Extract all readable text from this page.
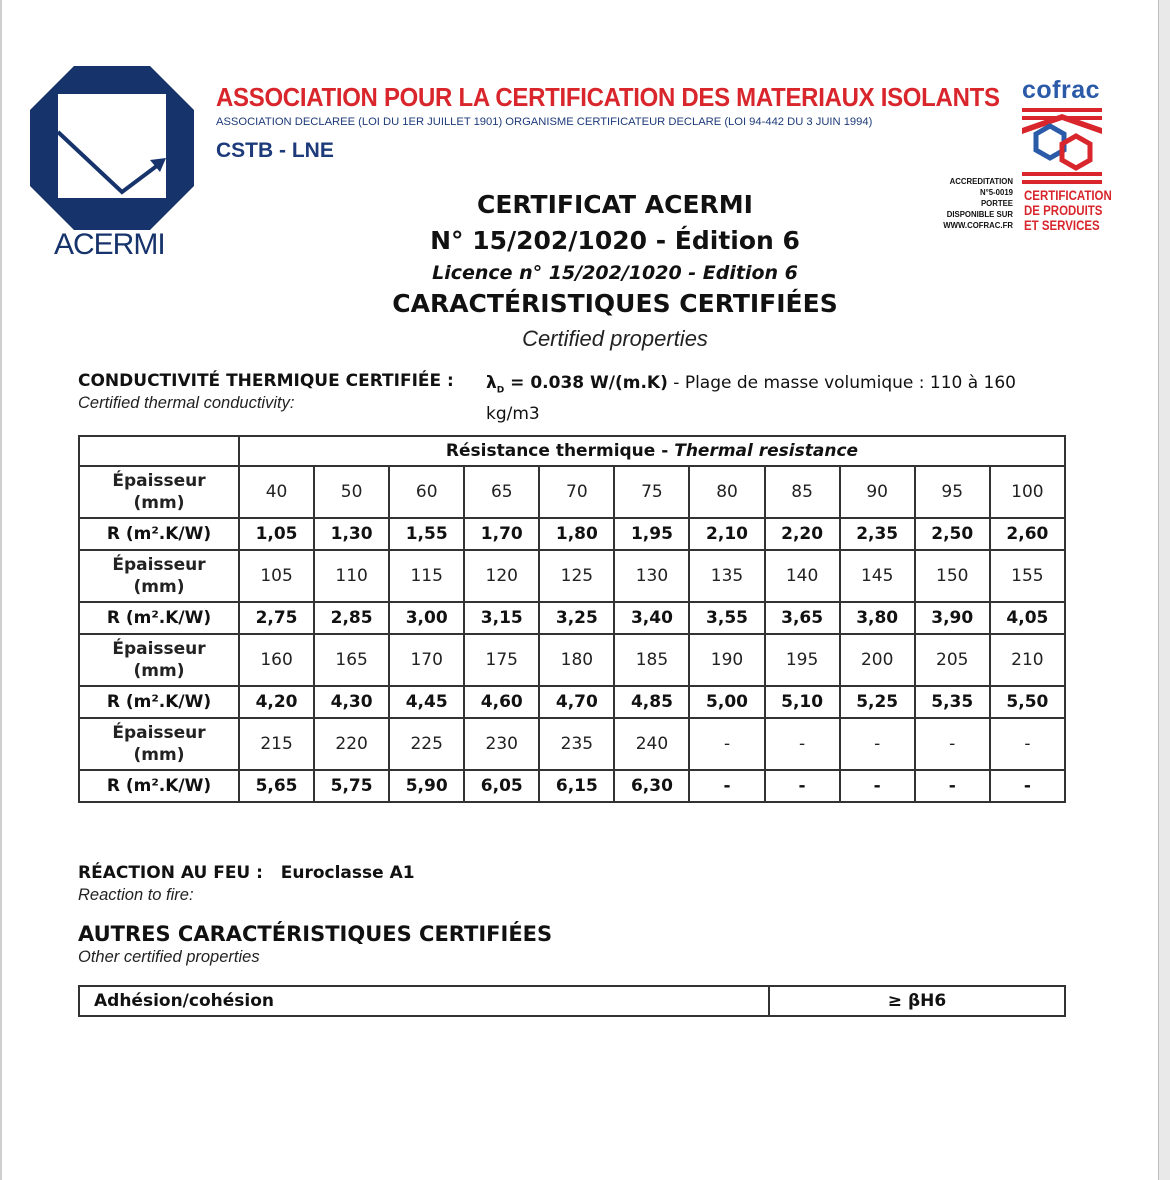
ACERMI
ASSOCIATION POUR LA CERTIFICATION DES MATERIAUX ISOLANTS
ASSOCIATION DECLAREE (LOI DU 1ER JUILLET 1901) ORGANISME CERTIFICATEUR DECLARE (LOI 94-442 DU 3 JUIN 1994)
CSTB - LNE
cofrac
ACCREDITATION
N°5-0019
PORTEE
DISPONIBLE SUR
WWW.COFRAC.FR
CERTIFICATION
DE PRODUITS
ET SERVICES
CERTIFICAT ACERMI
N° 15/202/1020 - Édition 6
Licence n° 15/202/1020 - Edition 6
CARACTÉRISTIQUES CERTIFIÉES
Certified properties
CONDUCTIVITÉ THERMIQUE CERTIFIÉE :
Certified thermal conductivity:
$\lambda_D = 0.038$ W/(m.K) - Plage de masse volumique : 110 à 160 kg/m3
	Résistance thermique - Thermal resistance										

Épaisseur
(mm)	40	50	60	65	70	75	80	85	90	95	100
R (m².K/W)	1,05	1,30	1,55	1,70	1,80	1,95	2,10	2,20	2,35	2,50	2,60

Épaisseur
(mm)	105	110	115	120	125	130	135	140	145	150	155
R (m².K/W)	2,75	2,85	3,00	3,15	3,25	3,40	3,55	3,65	3,80	3,90	4,05

Épaisseur
(mm)	160	165	170	175	180	185	190	195	200	205	210
R (m².K/W)	4,20	4,30	4,45	4,60	4,70	4,85	5,00	5,10	5,25	5,35	5,50

Épaisseur
(mm)	215	220	225	230	235	240	-	-	-	-	-
R (m².K/W)	5,65	5,75	5,90	6,05	6,15	6,30	-	-	-	-	-
RÉACTION AU FEU : Euroclasse A1
Reaction to fire:
AUTRES CARACTÉRISTIQUES CERTIFIÉES
Other certified properties
Adhésion/cohésion	≥ βH6
